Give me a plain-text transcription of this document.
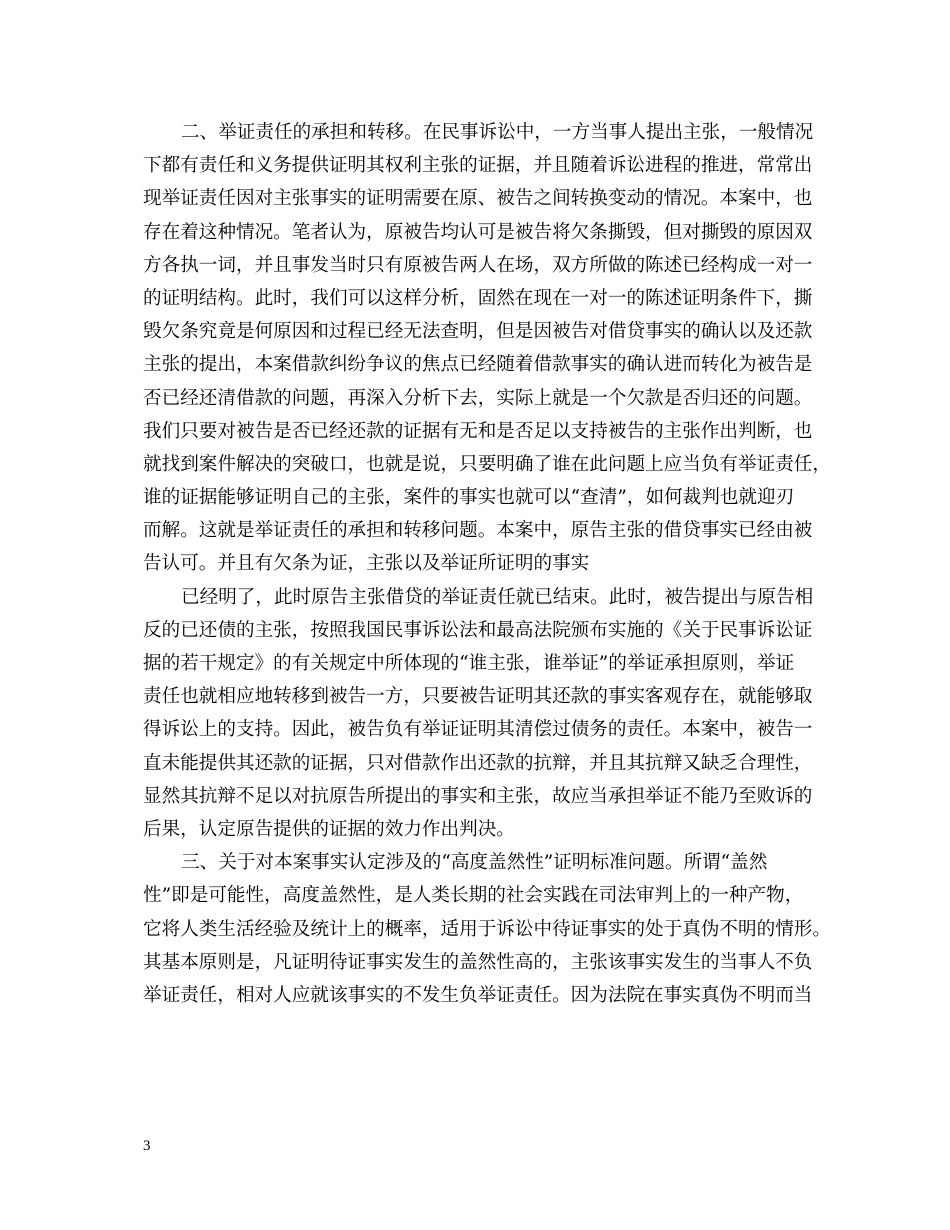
二、举证责任的承担和转移。在民事诉讼中，一方当事人提出主张，一般情况
下都有责任和义务提供证明其权利主张的证据，并且随着诉讼进程的推进，常常出
现举证责任因对主张事实的证明需要在原、被告之间转换变动的情况。本案中，也
存在着这种情况。笔者认为，原被告均认可是被告将欠条撕毁，但对撕毁的原因双
方各执一词，并且事发当时只有原被告两人在场，双方所做的陈述已经构成一对一
的证明结构。此时，我们可以这样分析，固然在现在一对一的陈述证明条件下，撕
毁欠条究竟是何原因和过程已经无法查明，但是因被告对借贷事实的确认以及还款
主张的提出，本案借款纠纷争议的焦点已经随着借款事实的确认进而转化为被告是
否已经还清借款的问题，再深入分析下去，实际上就是一个欠款是否归还的问题。
我们只要对被告是否已经还款的证据有无和是否足以支持被告的主张作出判断，也
就找到案件解决的突破口，也就是说，只要明确了谁在此问题上应当负有举证责任，
谁的证据能够证明自己的主张，案件的事实也就可以“查清”，如何裁判也就迎刃
而解。这就是举证责任的承担和转移问题。本案中，原告主张的借贷事实已经由被
告认可。并且有欠条为证，主张以及举证所证明的事实
已经明了，此时原告主张借贷的举证责任就已结束。此时，被告提出与原告相
反的已还债的主张，按照我国民事诉讼法和最高法院颁布实施的《关于民事诉讼证
据的若干规定》的有关规定中所体现的“谁主张，谁举证”的举证承担原则，举证
责任也就相应地转移到被告一方，只要被告证明其还款的事实客观存在，就能够取
得诉讼上的支持。因此，被告负有举证证明其清偿过债务的责任。本案中，被告一
直未能提供其还款的证据，只对借款作出还款的抗辩，并且其抗辩又缺乏合理性，
显然其抗辩不足以对抗原告所提出的事实和主张，故应当承担举证不能乃至败诉的
后果，认定原告提供的证据的效力作出判决。
三、关于对本案事实认定涉及的“高度盖然性”证明标准问题。所谓“盖然
性”即是可能性，高度盖然性，是人类长期的社会实践在司法审判上的一种产物，
它将人类生活经验及统计上的概率，适用于诉讼中待证事实的处于真伪不明的情形。
其基本原则是，凡证明待证事实发生的盖然性高的，主张该事实发生的当事人不负
举证责任，相对人应就该事实的不发生负举证责任。因为法院在事实真伪不明而当
3
